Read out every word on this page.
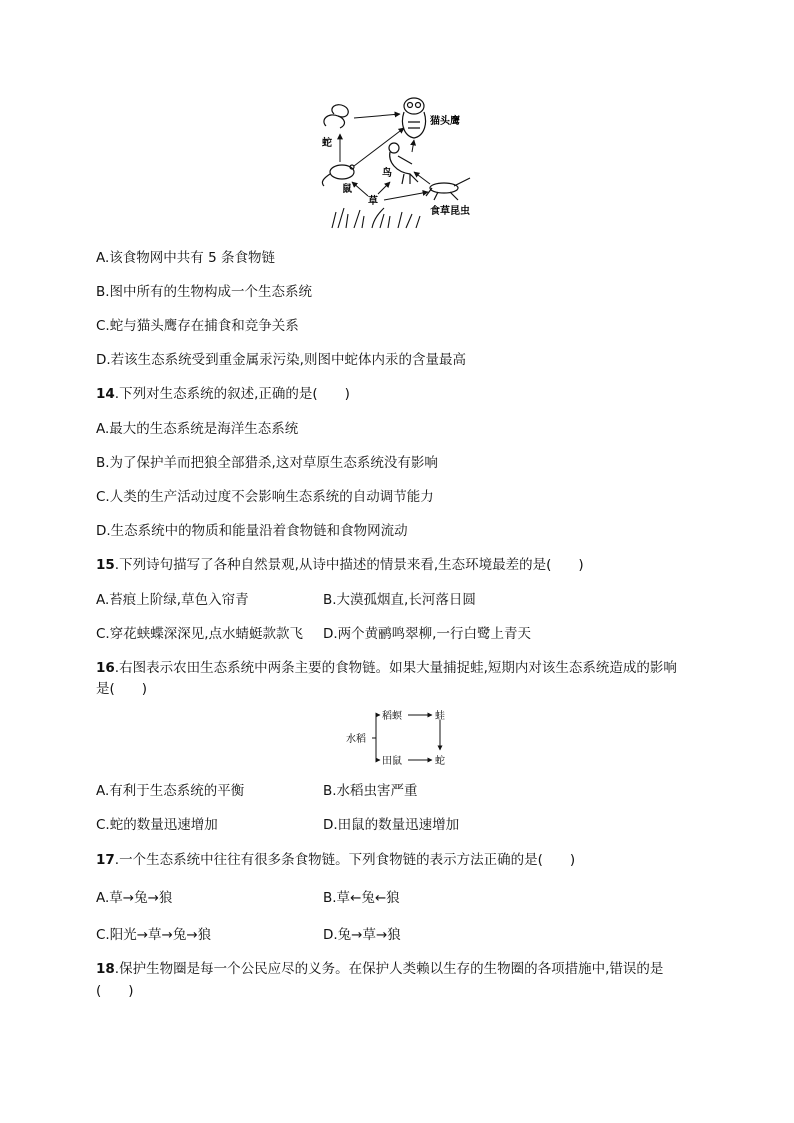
蛇
猫头鹰
鼠
鸟
草
食草昆虫
A.该食物网中共有 5 条食物链
B.图中所有的生物构成一个生态系统
C.蛇与猫头鹰存在捕食和竞争关系
D.若该生态系统受到重金属汞污染,则图中蛇体内汞的含量最高
14.下列对生态系统的叙述,正确的是(　　)
A.最大的生态系统是海洋生态系统
B.为了保护羊而把狼全部猎杀,这对草原生态系统没有影响
C.人类的生产活动过度不会影响生态系统的自动调节能力
D.生态系统中的物质和能量沿着食物链和食物网流动
15.下列诗句描写了各种自然景观,从诗中描述的情景来看,生态环境最差的是(　　)
A.苔痕上阶绿,草色入帘青	B.大漠孤烟直,长河落日圆
C.穿花蛱蝶深深见,点水蜻蜓款款飞 D.两个黄鹂鸣翠柳,一行白鹭上青天
16.右图表示农田生态系统中两条主要的食物链。如果大量捕捉蛙,短期内对该生态系统造成的影响
是(　　)
水稻
稻螟	蛙
田鼠	蛇
A.有利于生态系统的平衡	B.水稻虫害严重
C.蛇的数量迅速增加	D.田鼠的数量迅速增加
17.一个生态系统中往往有很多条食物链。下列食物链的表示方法正确的是(　　)
A.草→兔→狼	B.草←兔←狼
C.阳光→草→兔→狼	D.兔→草→狼
18.保护生物圈是每一个公民应尽的义务。在保护人类赖以生存的生物圈的各项措施中,错误的是
(　　)
